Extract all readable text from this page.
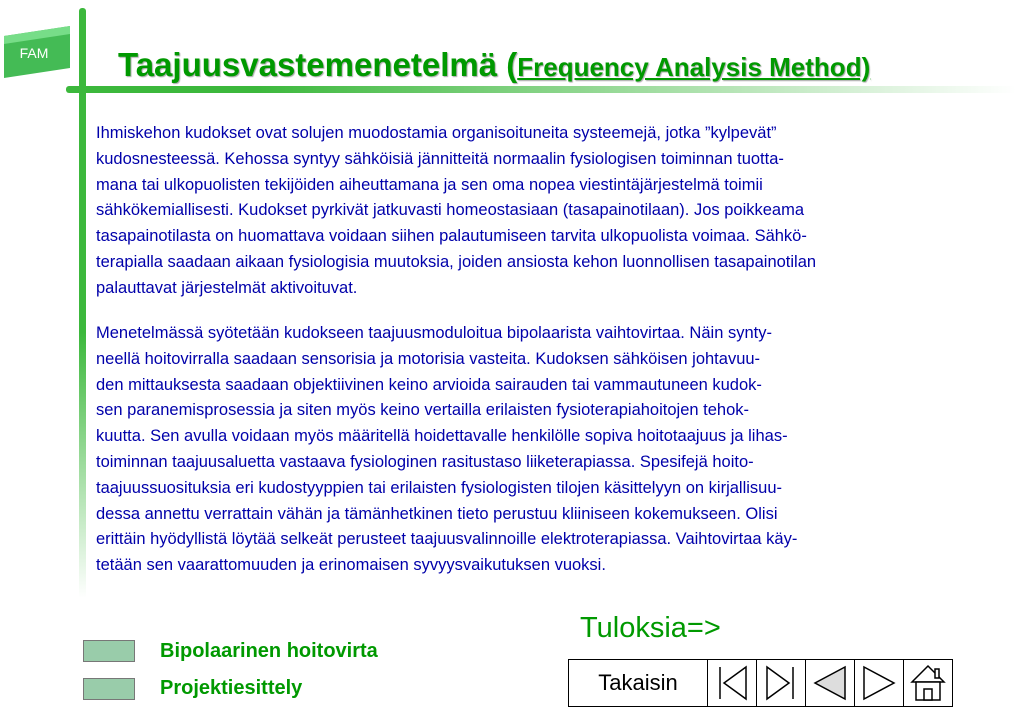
FAM Taajuusvastemenetelmä (Frequency Analysis Method)
Ihmiskehon kudokset ovat solujen muodostamia organisoituneita systeemejä, jotka ”kylpevät”
kudosnesteessä. Kehossa syntyy sähköisiä jännitteitä normaalin fysiologisen toiminnan tuotta-
mana tai ulkopuolisten tekijöiden aiheuttamana ja sen oma nopea viestintäjärjestelmä toimii
sähkökemiallisesti. Kudokset pyrkivät jatkuvasti homeostasiaan (tasapainotilaan). Jos poikkeama
tasapainotilasta on huomattava voidaan siihen palautumiseen tarvita ulkopuolista voimaa. Sähkö-
terapialla saadaan aikaan fysiologisia muutoksia, joiden ansiosta kehon luonnollisen tasapainotilan
palauttavat järjestelmät aktivoituvat.
Menetelmässä syötetään kudokseen taajuusmoduloitua bipolaarista vaihtovirtaa. Näin synty-
neellä hoitovirralla saadaan sensorisia ja motorisia vasteita. Kudoksen sähköisen johtavuu-
den mittauksesta saadaan objektiivinen keino arvioida sairauden tai vammautuneen kudok-
sen paranemisprosessia ja siten myös keino vertailla erilaisten fysioterapiahoitojen tehok-
kuutta. Sen avulla voidaan myös määritellä hoidettavalle henkilölle sopiva hoitotaajuus ja lihas-
toiminnan taajuusaluetta vastaava fysiologinen rasitustaso liiketerapiassa. Spesifejä hoito-
taajuussuosituksia eri kudostyyppien tai erilaisten fysiologisten tilojen käsittelyyn on kirjallisuu-
dessa annettu verrattain vähän ja tämänhetkinen tieto perustuu kliiniseen kokemukseen. Olisi
erittäin hyödyllistä löytää selkeät perusteet taajuusvalinnoille elektroterapiassa. Vaihtovirtaa käy-
tetään sen vaarattomuuden ja erinomaisen syvyysvaikutuksen vuoksi.
Tuloksia=>
Bipolaarinen hoitovirta
Projektiesittely	Takaisin
